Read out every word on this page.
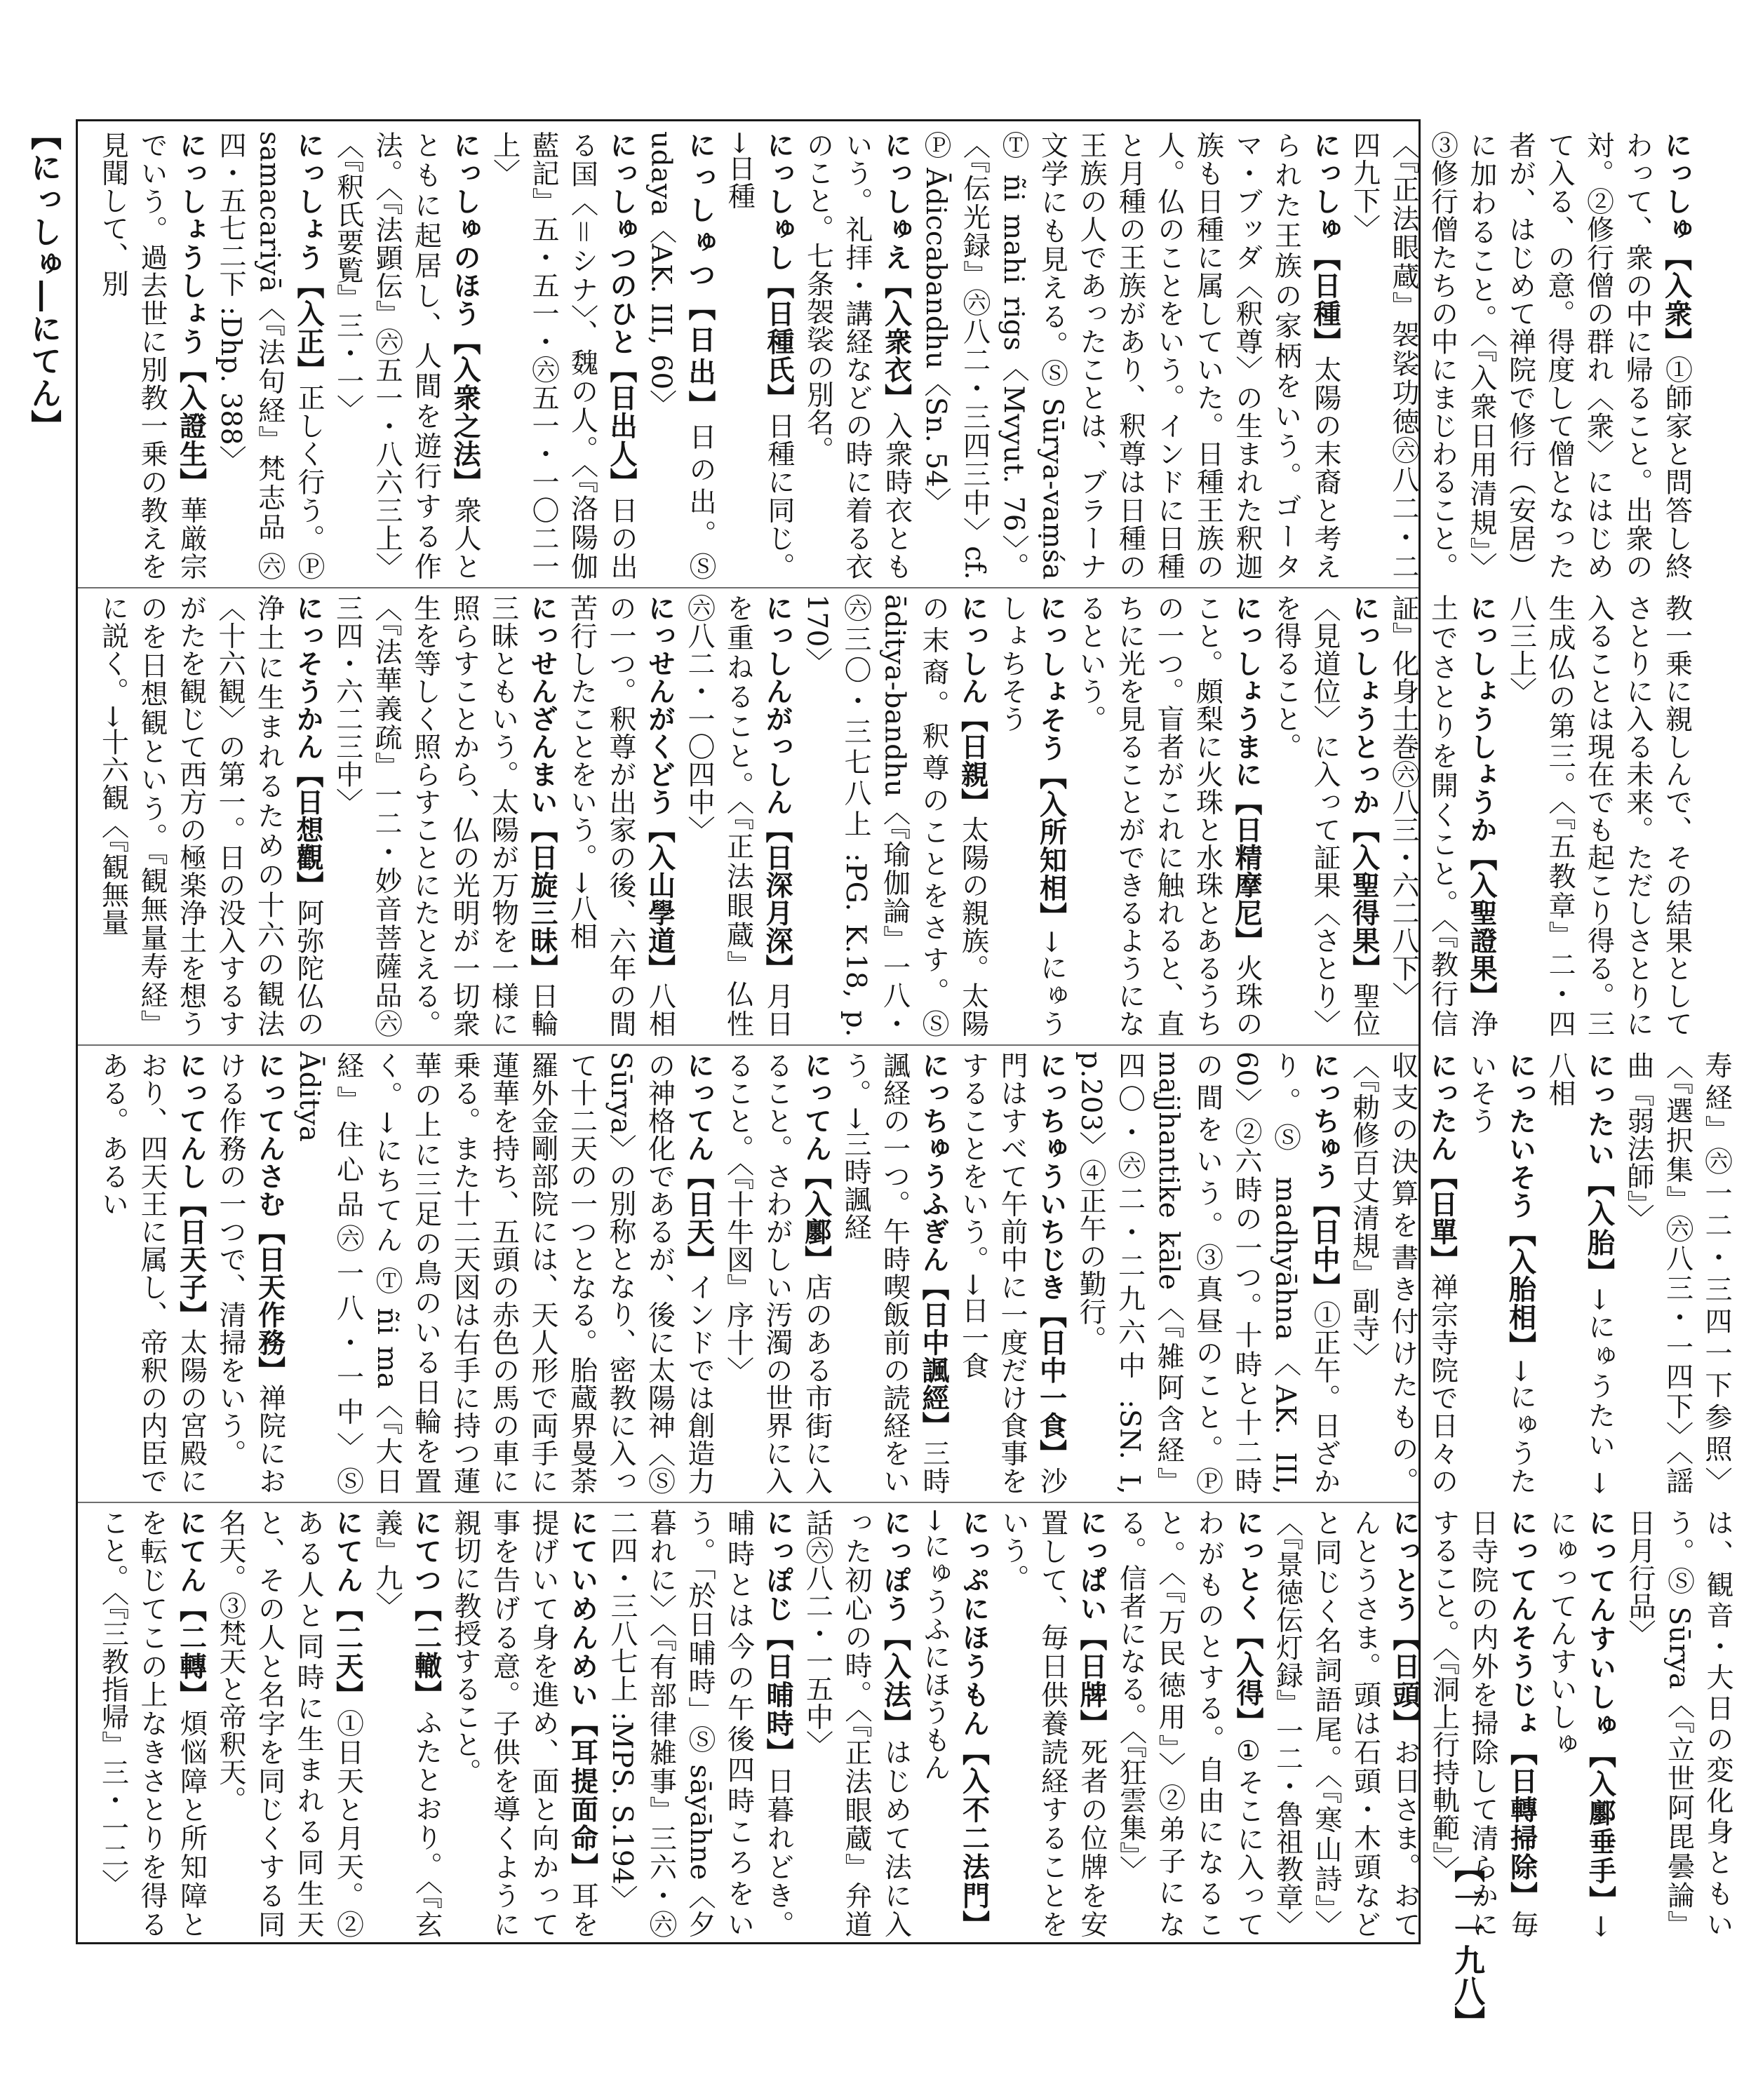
【にっしゅ―にてん】
【一一九八】
にっしゅ【入衆】①師家と問答し終わって、衆の中に帰ること。出衆の対。②修行僧の群れ〈衆〉にはじめて入る、の意。得度して僧となった者が、はじめて禅院で修行（安居）に加わること。〈『入衆日用清規』〉③修行僧たちの中にまじわること。〈『正法眼蔵』袈裟功徳㊅八二・二四九下〉
にっしゅ【日種】太陽の末裔と考えられた王族の家柄をいう。ゴータマ・ブッダ〈釈尊〉の生まれた釈迦族も日種に属していた。日種王族の人。仏のことをいう。インドに日種と月種の王族があり、釈尊は日種の王族の人であったことは、ブラーナ文学にも見える。Ⓢ Sūrya-vaṃśa Ⓣ ñi mahi rigs〈Mvyut. 76〉。〈『伝光録』㊅八二・三四三中〉cf. Ⓟ Ādiccabandhu〈Sn. 54〉
にっしゅえ【入衆衣】入衆時衣ともいう。礼拝・講経などの時に着る衣のこと。七条袈裟の別名。
にっしゅし【日種氏】日種に同じ。→日種
にっしゅつ【日出】日の出。Ⓢ udaya〈AK. III, 60〉
にっしゅつのひと【日出人】日の出る国〈＝シナ〉、魏の人。〈『洛陽伽藍記』五・五一・㊅五一・一〇二一上〉
にっしゅのほう【入衆之法】衆人とともに起居し、人間を遊行する作法。〈『法顕伝』㊅五一・八六三上〉〈『釈氏要覧』三・一〉
にっしょう【入正】正しく行う。Ⓟ samacariyā〈『法句経』梵志品 ㊅四・五七二下 :Dhp. 388〉
にっしょうしょう【入證生】華厳宗でいう。過去世に別教一乗の教えを見聞して、別
教一乗に親しんで、その結果としてさとりに入る未来。ただしさとりに入ることは現在でも起こり得る。三生成仏の第三。〈『五教章』二・四八三上〉
にっしょうしょうか【入聖證果】浄土でさとりを開くこと。〈『教行信証』化身土巻㊅八三・六二八下〉
にっしょうとっか【入聖得果】聖位〈見道位〉に入って証果〈さとり〉を得ること。
にっしょうまに【日精摩尼】火珠のこと。頗梨に火珠と水珠とあるうちの一つ。盲者がこれに触れると、直ちに光を見ることができるようになるという。
にっしょそう【入所知相】→にゅうしょちそう
にっしん【日親】太陽の親族。太陽の末裔。釈尊のことをさす。Ⓢ āditya-bandhu〈『瑜伽論』一八・㊅三〇・三七八上 :PG. K.18, p. 170〉
にっしんがっしん【日深月深】月日を重ねること。〈『正法眼蔵』仏性㊅八二・一〇四中〉
にっせんがくどう【入山學道】八相の一つ。釈尊が出家の後、六年の間苦行したことをいう。→八相
にっせんざんまい【日旋三昧】日輪三昧ともいう。太陽が万物を一様に照らすことから、仏の光明が一切衆生を等しく照らすことにたとえる。〈『法華義疏』一二・妙音菩薩品㊅三四・六二三中〉
にっそうかん【日想觀】阿弥陀仏の浄土に生まれるための十六の観法〈十六観〉の第一。日の没入するすがたを観じて西方の極楽浄土を想うのを日想観という。『観無量寿経』に説く。→十六観〈『観無量
寿経』㊅一二・三四一下参照〉〈『選択集』㊅八三・一四下〉〈謡曲『弱法師』〉
にったい【入胎】→にゅうたい →八相
にったいそう【入胎相】→にゅうたいそう
にったん【日單】禅宗寺院で日々の収支の決算を書き付けたもの。〈『勅修百丈清規』副寺〉
にっちゅう【日中】①正午。日ざかり。Ⓢ madhyāhna〈AK. III, 60〉②六時の一つ。十時と十二時の間をいう。③真昼のこと。Ⓟ majjhantike kāle〈『雑阿含経』四〇・㊅二・二九六中 :SN. I, p.203〉④正午の勤行。
にっちゅういちじき【日中一食】沙門はすべて午前中に一度だけ食事をすることをいう。→日一食
にっちゅうふぎん【日中諷經】三時諷経の一つ。午時喫飯前の読経をいう。→三時諷経
にってん【入鄽】店のある市街に入ること。さわがしい汚濁の世界に入ること。〈『十牛図』序十〉
にってん【日天】インドでは創造力の神格化であるが、後に太陽神〈Ⓢ Sūrya〉の別称となり、密教に入って十二天の一つとなる。胎蔵界曼荼羅外金剛部院には、天人形で両手に蓮華を持ち、五頭の赤色の馬の車に乗る。また十二天図は右手に持つ蓮華の上に三足の鳥のいる日輪を置く。→にちてん Ⓣ ñi ma〈『大日経』住心品㊅一八・一中〉Ⓢ Āditya
にってんさむ【日天作務】禅院における作務の一つで、清掃をいう。
にってんし【日天子】太陽の宮殿におり、四天王に属し、帝釈の内臣である。あるい
は、観音・大日の変化身ともいう。Ⓢ Sūrya〈『立世阿毘曇論』日月行品〉
にってんすいしゅ【入鄽垂手】→にゅってんすいしゅ
にってんそうじょ【日轉掃除】毎日寺院の内外を掃除して清らかにすること。〈『洞上行持軌範』〉
にっとう【日頭】お日さま。おてんとうさま。頭は石頭・木頭などと同じく名詞語尾。〈『寒山詩』〉〈『景徳伝灯録』一二・魯祖教章〉
にっとく【入得】①そこに入ってわがものとする。自由になること。〈『万民徳用』〉②弟子になる。信者になる。〈『狂雲集』〉
にっぱい【日牌】死者の位牌を安置して、毎日供養読経することをいう。
にっぷにほうもん【入不二法門】→にゅうふにほうもん
にっぽう【入法】はじめて法に入った初心の時。〈『正法眼蔵』弁道話㊅八二・一五中〉
にっぽじ【日晡時】日暮れどき。晡時とは今の午後四時ころをいう。「於日晡時」Ⓢ sāyāhne〈夕暮れに〉〈『有部律雑事』三六・㊅二四・三八七上 :MPS. S.194〉
にていめんめい【耳提面命】耳を提げいて身を進め、面と向かって事を告げる意。子供を導くように親切に教授すること。
にてつ【二轍】ふたとおり。〈『玄義』九〉
にてん【二天】①日天と月天。②ある人と同時に生まれる同生天と、その人と名字を同じくする同名天。③梵天と帝釈天。
にてん【二轉】煩悩障と所知障とを転じてこの上なきさとりを得ること。〈『三教指帰』三・一二〉
